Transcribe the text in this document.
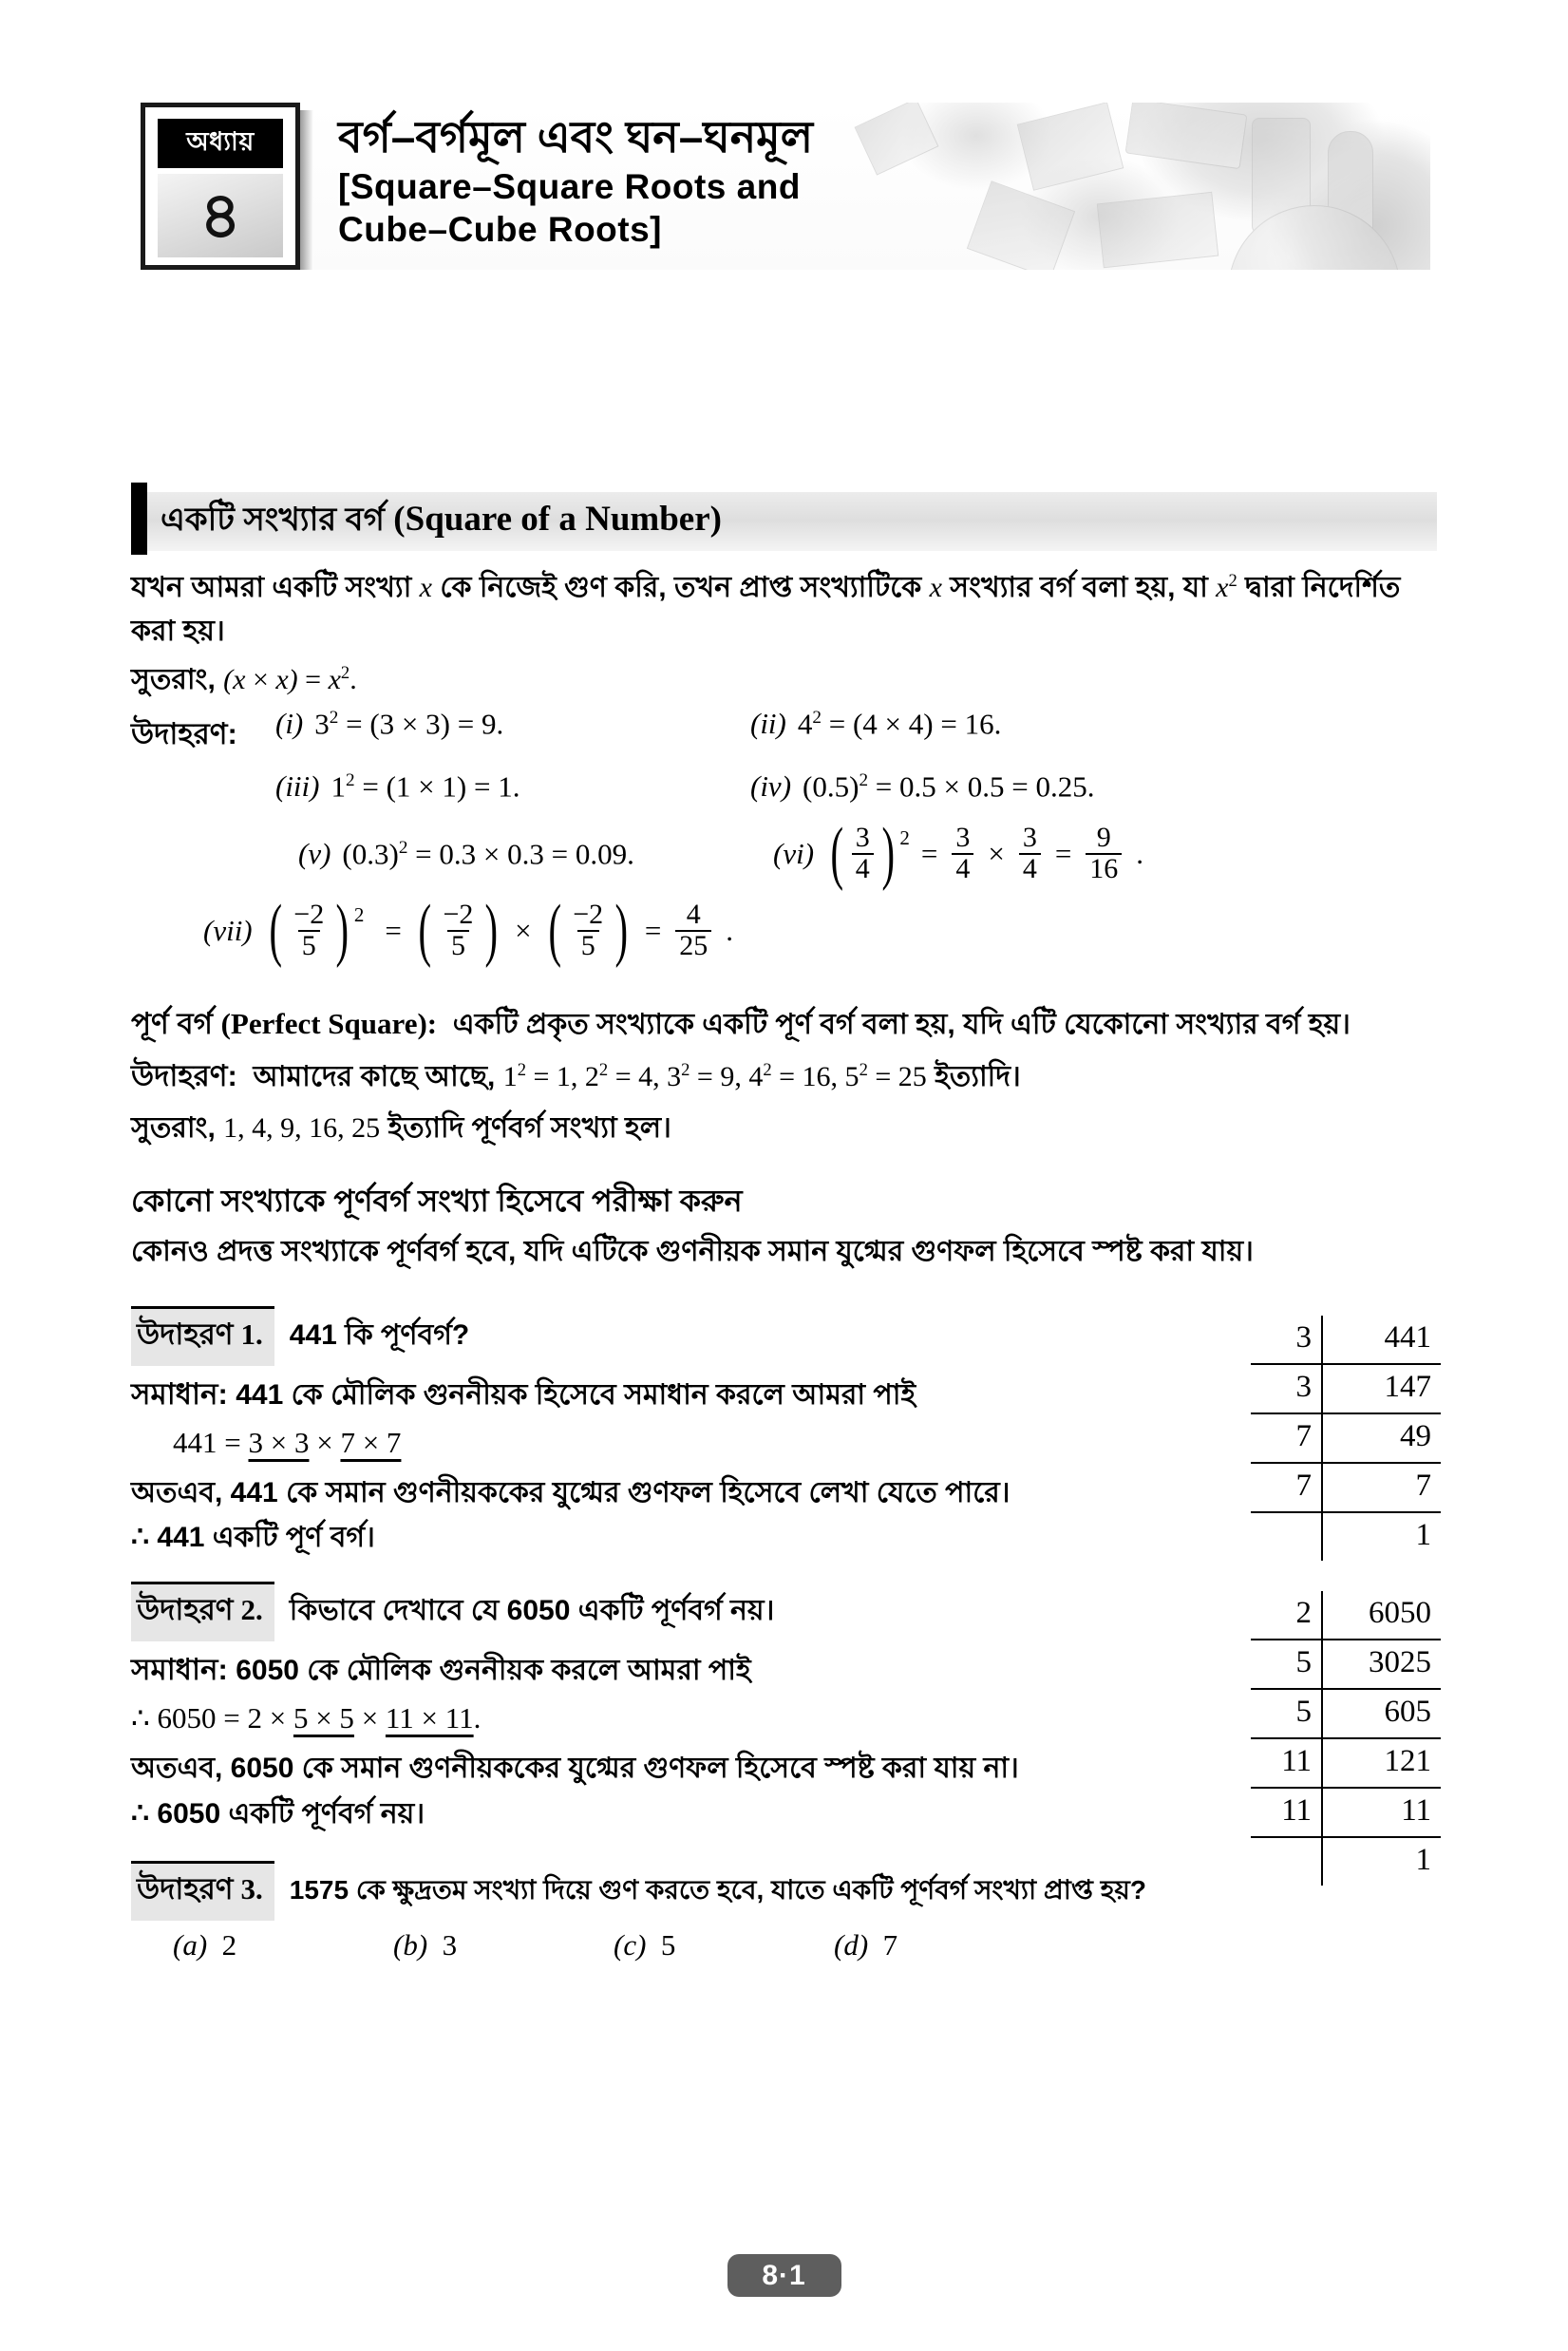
অধ্যায়
৪
বর্গ–বর্গমূল এবং ঘন–ঘনমূল
[Square–Square Roots and
Cube–Cube Roots]
একটি সংখ্যার বর্গ (Square of a Number)

যখন আমরা একটি সংখ্যা x কে নিজেই গুণ করি, তখন প্রাপ্ত সংখ্যাটিকে x সংখ্যার বর্গ বলা হয়, যা $x^2$ দ্বারা নিদের্শিত করা হয়।

সুতরাং, $(x \times x) = x^2$.

উদাহরণ:	(i) $3^2 = (3 \times 3) = 9$.	(ii) $4^2 = (4 \times 4) = 16$.
(iii) $1^2 = (1 \times 1) = 1$.	(iv) $(0.5)^2 = 0.5 \times 0.5 = 0.25$.
(v) $(0.3)^2 = 0.3 \times 0.3 = 0.09$.	(vi) ( $\frac{3}{4}$ ) $2 = \frac{3}{4} \times \frac{3}{4} = \frac{9}{16}$ .
(vii) ( $\frac{-2}{5}$ ) 2 = ( $\frac{-2}{5}$ ) × ( $\frac{-2}{5}$ ) = $\frac{4}{25}$ .

পূর্ণ বর্গ (Perfect Square): একটি প্রকৃত সংখ্যাকে একটি পূর্ণ বর্গ বলা হয়, যদি এটি যেকোনো সংখ্যার বর্গ হয়।

উদাহরণ: আমাদের কাছে আছে, $1^2 = 1$, $2^2 = 4$, $3^2 = 9$, $4^2 = 16$, $5^2 = 25$ ইত্যাদি।

সুতরাং, 1, 4, 9, 16, 25 ইত্যাদি পূর্ণবর্গ সংখ্যা হল।

কোনো সংখ্যাকে পূর্ণবর্গ সংখ্যা হিসেবে পরীক্ষা করুন

কোনও প্রদত্ত সংখ্যাকে পূর্ণবর্গ হবে, যদি এটিকে গুণনীয়ক সমান যুগ্মের গুণফল হিসেবে স্পষ্ট করা যায়।

উদাহরণ 1. 441 কি পূর্ণবর্গ?

সমাধান: 441 কে মৌলিক গুননীয়ক হিসেবে সমাধান করলে আমরা পাই

441 = 3 × 3 × 7 × 7

অতএব, 441 কে সমান গুণনীয়ককের যুগ্মের গুণফল হিসেবে লেখা যেতে পারে।

∴ 441 একটি পূর্ণ বর্গ।

3	441
3	147
7	49
7	7
	1
উদাহরণ 2. কিভাবে দেখাবে যে 6050 একটি পূর্ণবর্গ নয়।

সমাধান: 6050 কে মৌলিক গুননীয়ক করলে আমরা পাই

∴ 6050 = 2 × 5 × 5 × 11 × 11.

অতএব, 6050 কে সমান গুণনীয়ককের যুগ্মের গুণফল হিসেবে স্পষ্ট করা যায় না।

∴ 6050 একটি পূর্ণবর্গ নয়।

2	6050
5	3025
5	605
11	121
11	11
	1
উদাহরণ 3. 1575 কে ক্ষুদ্রতম সংখ্যা দিয়ে গুণ করতে হবে, যাতে একটি পূর্ণবর্গ সংখ্যা প্রাপ্ত হয়?
(a) 2	(b) 3	(c) 5	(d) 7
8·1
